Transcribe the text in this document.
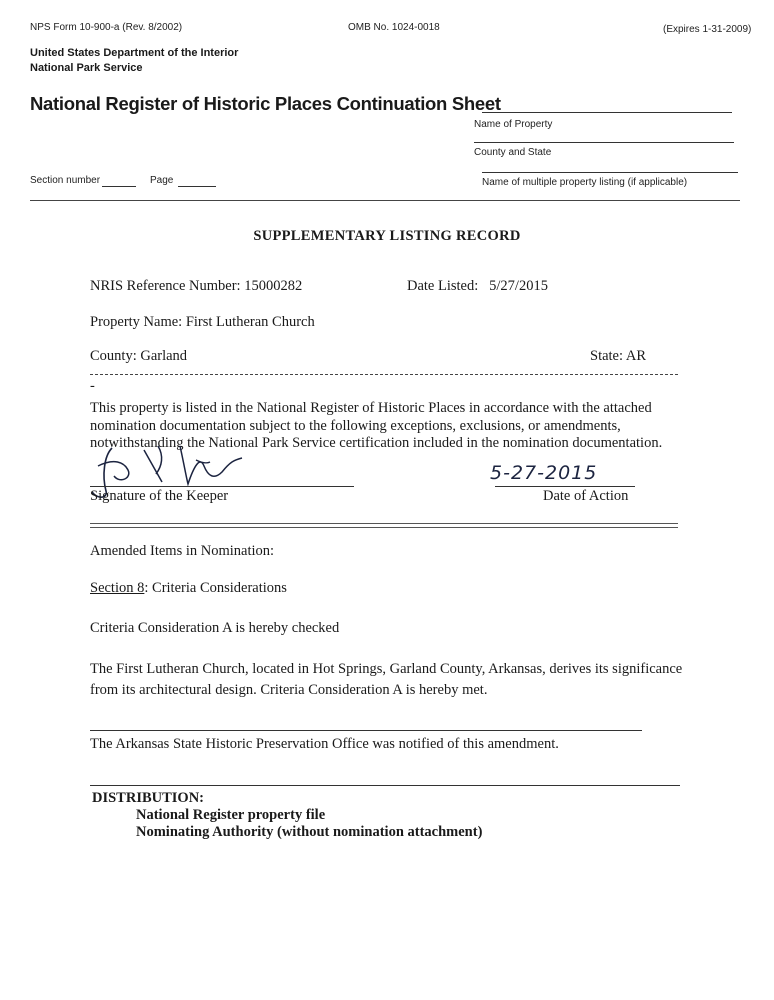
NPS Form 10-900-a (Rev. 8/2002)	OMB No. 1024-0018	(Expires 1-31-2009)
United States Department of the Interior
National Park Service
National Register of Historic Places Continuation Sheet
Name of Property
County and State
Name of multiple property listing (if applicable)
Section number	Page
SUPPLEMENTARY LISTING RECORD
NRIS Reference Number: 15000282	Date Listed: 5/27/2015
Property Name: First Lutheran Church
County: Garland	State: AR
-
This property is listed in the National Register of Historic Places in accordance with the attached
nomination documentation subject to the following exceptions, exclusions, or amendments,
notwithstanding the National Park Service certification included in the nomination documentation.
5-27-2015
Signature of the Keeper	Date of Action
Amended Items in Nomination:
Section 8: Criteria Considerations
Criteria Consideration A is hereby checked
The First Lutheran Church, located in Hot Springs, Garland County, Arkansas, derives its significance
from its architectural design. Criteria Consideration A is hereby met.
The Arkansas State Historic Preservation Office was notified of this amendment.
DISTRIBUTION:
National Register property file
Nominating Authority (without nomination attachment)
